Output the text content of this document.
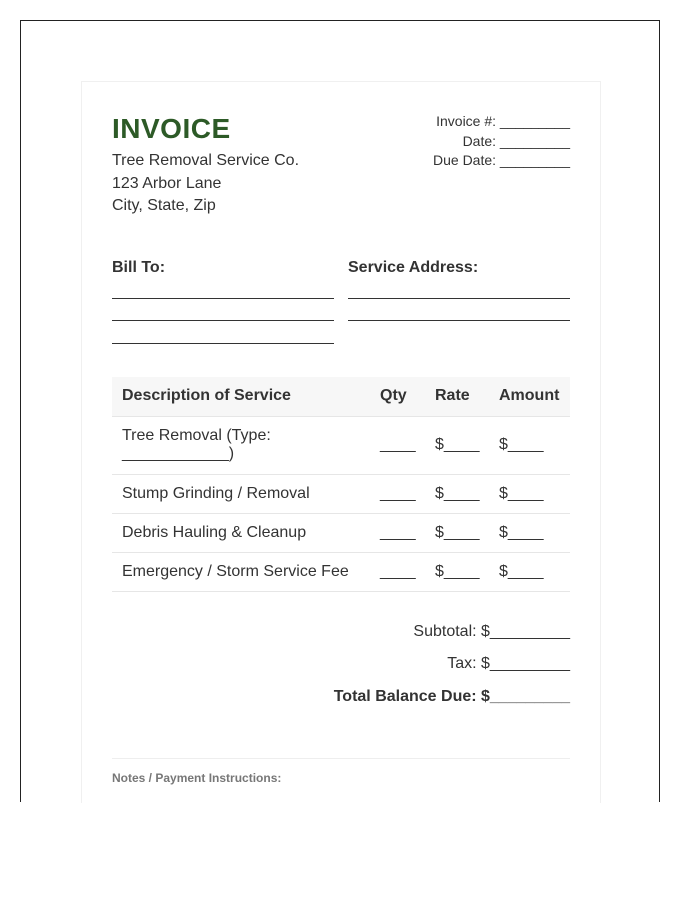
INVOICE
Tree Removal Service Co.
123 Arbor Lane
City, State, Zip
Invoice #: _________
Date: _________
Due Date: _________
Bill To:	Service Address:
Description of Service	Qty	Rate	Amount

Tree Removal (Type:
____________)	____	$____	$____
Stump Grinding / Removal	____	$____	$____
Debris Hauling & Cleanup	____	$____	$____
Emergency / Storm Service Fee	____	$____	$____
Subtotal: $_________
Tax: $_________
Total Balance Due: $_________
Notes / Payment Instructions:
